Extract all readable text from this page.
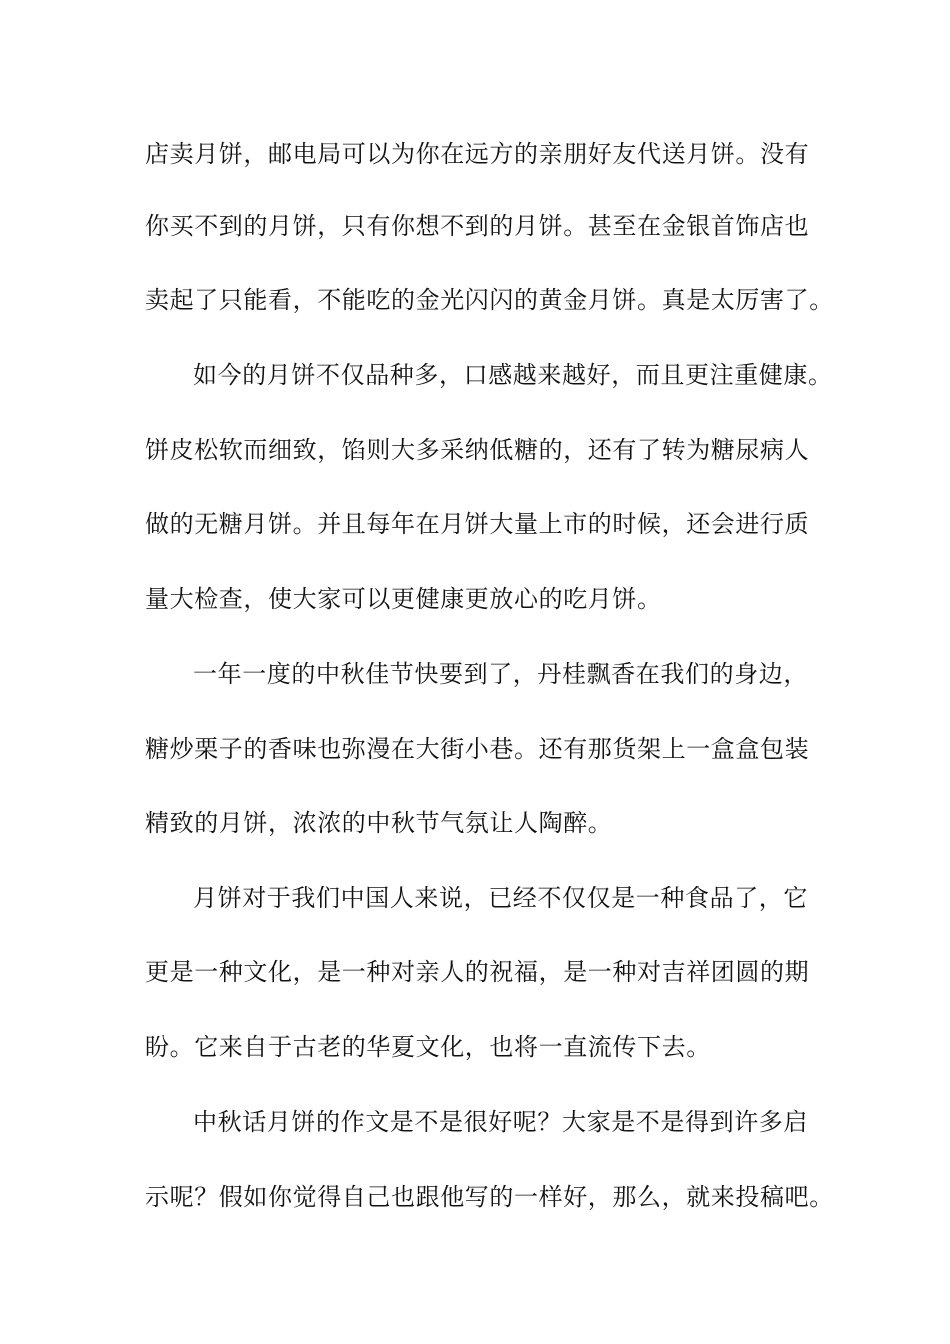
店卖月饼，邮电局可以为你在远方的亲朋好友代送月饼。没有

你买不到的月饼，只有你想不到的月饼。甚至在金银首饰店也

卖起了只能看，不能吃的金光闪闪的黄金月饼。真是太厉害了。

如今的月饼不仅品种多，口感越来越好，而且更注重健康。

饼皮松软而细致，馅则大多采纳低糖的，还有了转为糖尿病人

做的无糖月饼。并且每年在月饼大量上市的时候，还会进行质

量大检查，使大家可以更健康更放心的吃月饼。

一年一度的中秋佳节快要到了，丹桂飘香在我们的身边，

糖炒栗子的香味也弥漫在大街小巷。还有那货架上一盒盒包装

精致的月饼，浓浓的中秋节气氛让人陶醉。

月饼对于我们中国人来说，已经不仅仅是一种食品了，它

更是一种文化，是一种对亲人的祝福，是一种对吉祥团圆的期

盼。它来自于古老的华夏文化，也将一直流传下去。

中秋话月饼的作文是不是很好呢？大家是不是得到许多启

示呢？假如你觉得自己也跟他写的一样好，那么，就来投稿吧。
